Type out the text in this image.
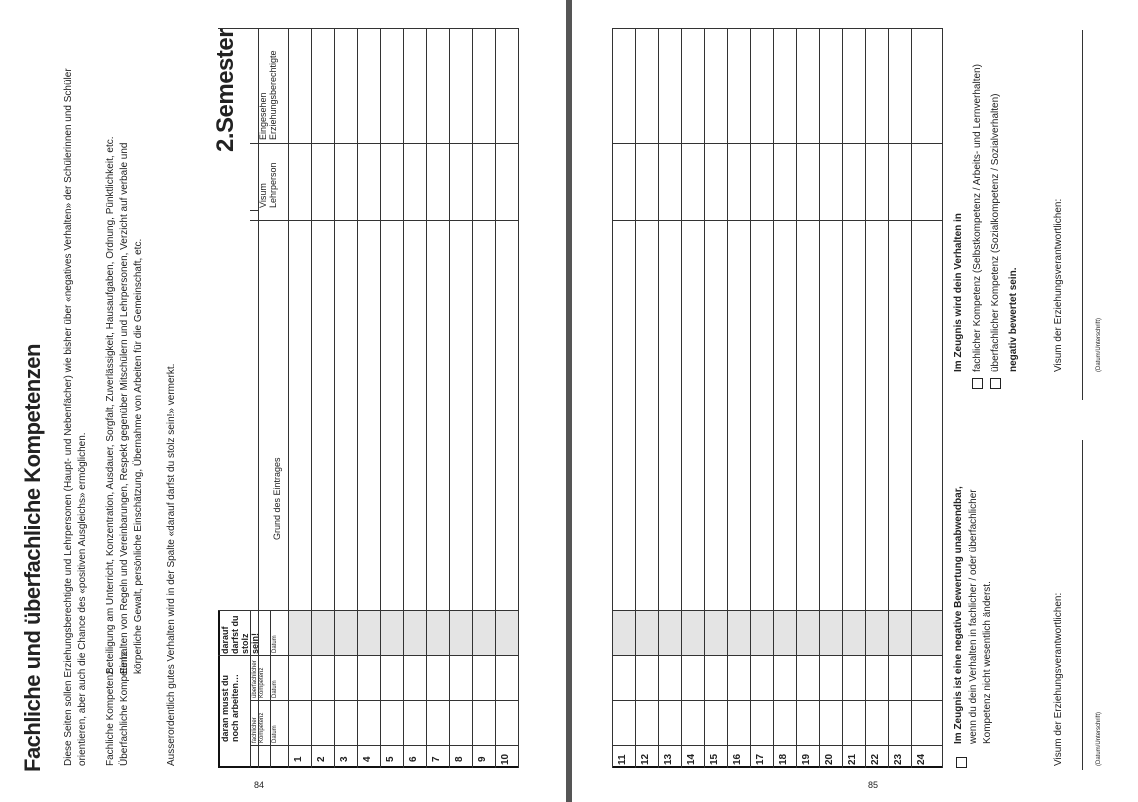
Fachliche und überfachliche Kompetenzen Diese Seiten sollen Erziehungsberechtigte und Lehrpersonen (Haupt- und Nebenfächer) wie bisher über «negatives Verhalten» der Schülerinnen und Schüler orientieren, aber auch die Chance des «positiven Ausgleichs» ermöglichen. Fachliche Kompetenz
Beteiligung am Unterricht, Konzentration, Ausdauer, Sorgfalt, Zuverlässigkeit, Hausaufgaben, Ordnung, Pünktlichkeit, etc.
Überfachliche Kompetenz
Einhalten von Regeln und Vereinbarungen, Respekt gegenüber Mitschülern und Lehrpersonen, Verzicht auf verbale und körperliche Gewalt, persönliche Einschätzung, Übernahme von Arbeiten für die Gemeinschaft, etc. Ausserordentlich gutes Verhalten wird in der Spalte «darauf darfst du stolz sein!» vermerkt.
2.Semester
daran musst du noch arbeiten…
darauf darfst du stolz sein!
fachlicher Kompetenz
überfachlicher Kompetenz
Datum
Datum
Datum
Grund des Eintrages
Visum Lehrperson
Eingesehen Erziehungsberechtigte
1 2 3 4 5 6 7 8 9 10
84
11 12 13 14 15 16 17 18 19 20 21 22 23 24
Im Zeugnis ist eine negative Bewertung unabwendbar, wenn du dein Verhalten in fachlicher / oder überfachlicher Kompetenz nicht wesentlich änderst.
Im Zeugnis wird dein Verhalten in fachlicher Kompetenz (Selbstkompetenz / Arbeits- und Lernverhalten) überfachlicher Kompetenz (Sozialkompetenz / Sozialverhalten) negativ bewertet sein.
Visum der Erziehungsverantwortlichen:	(Datum/Unterschrift)
Visum der Erziehungsverantwortlichen:	(Datum/Unterschrift)
85
